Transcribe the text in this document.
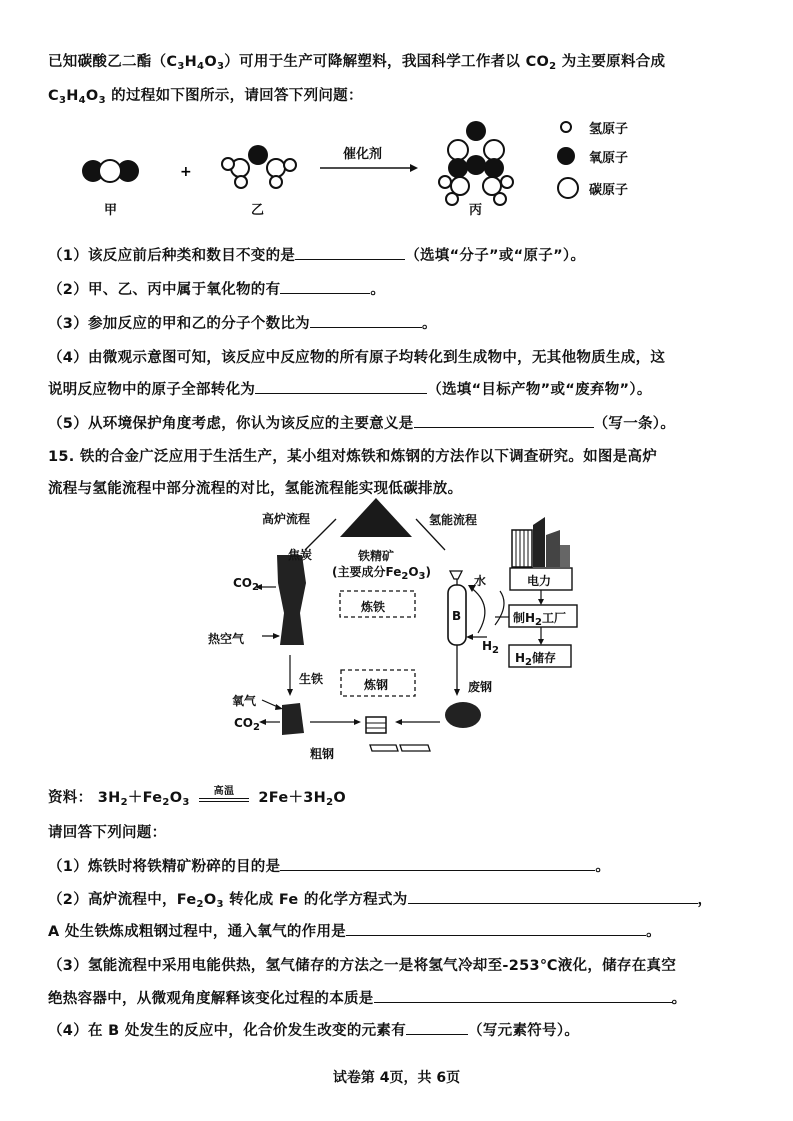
已知碳酸乙二酯$(C_3H_4O_3)$可用于生产可降解塑料，我国科学工作者以 $CO_2$ 为主要原料合成
$C_3H_4O_3$ 的过程如下图所示，请回答下列问题：
+
甲	乙	丙
催化剂
氢原子
氧原子
碳原子
（1）该反应前后种类和数目不变的是	（选填“分子”或“原子”）。
（2）甲、乙、丙中属于氧化物的有	。
（3）参加反应的甲和乙的分子个数比为	。
（4）由微观示意图可知，该反应中反应物的所有原子均转化到生成物中，无其他物质生成，这
说明反应物中的原子全部转化为	（选填“目标产物”或“废弃物”）。
（5）从环境保护角度考虑，你认为该反应的主要意义是	（写一条）。
15. 铁的合金广泛应用于生活生产，某小组对炼铁和炼钢的方法作以下调查研究。如图是高炉
流程与氢能流程中部分流程的对比，氢能流程能实现低碳排放。
高炉流程	氢能流程
焦炭	铁精矿
(主要成分$Fe_2O_3$)
$CO_2$
热空气
炼铁
炼钢
生铁
氧气
$CO_2$
粗钢
水
B
$H_2$
电力
制$H_2$工厂
$H_2$储存
废钢
资料： $3H_2+Fe_2O_3$
高温	$2Fe+3H_2O$
请回答下列问题：
（1）炼铁时将铁精矿粉碎的目的是	。
（2）高炉流程中，$Fe_2O_3$ 转化成 Fe 的化学方程式为	，
A 处生铁炼成粗钢过程中，通入氧气的作用是	。
（3）氢能流程中采用电能供热，氢气储存的方法之一是将氢气冷却至-253℃液化，储存在真空
绝热容器中，从微观角度解释该变化过程的本质是	。
（4）在 B 处发生的反应中，化合价发生改变的元素有	（写元素符号）。
试卷第 4页，共 6页
